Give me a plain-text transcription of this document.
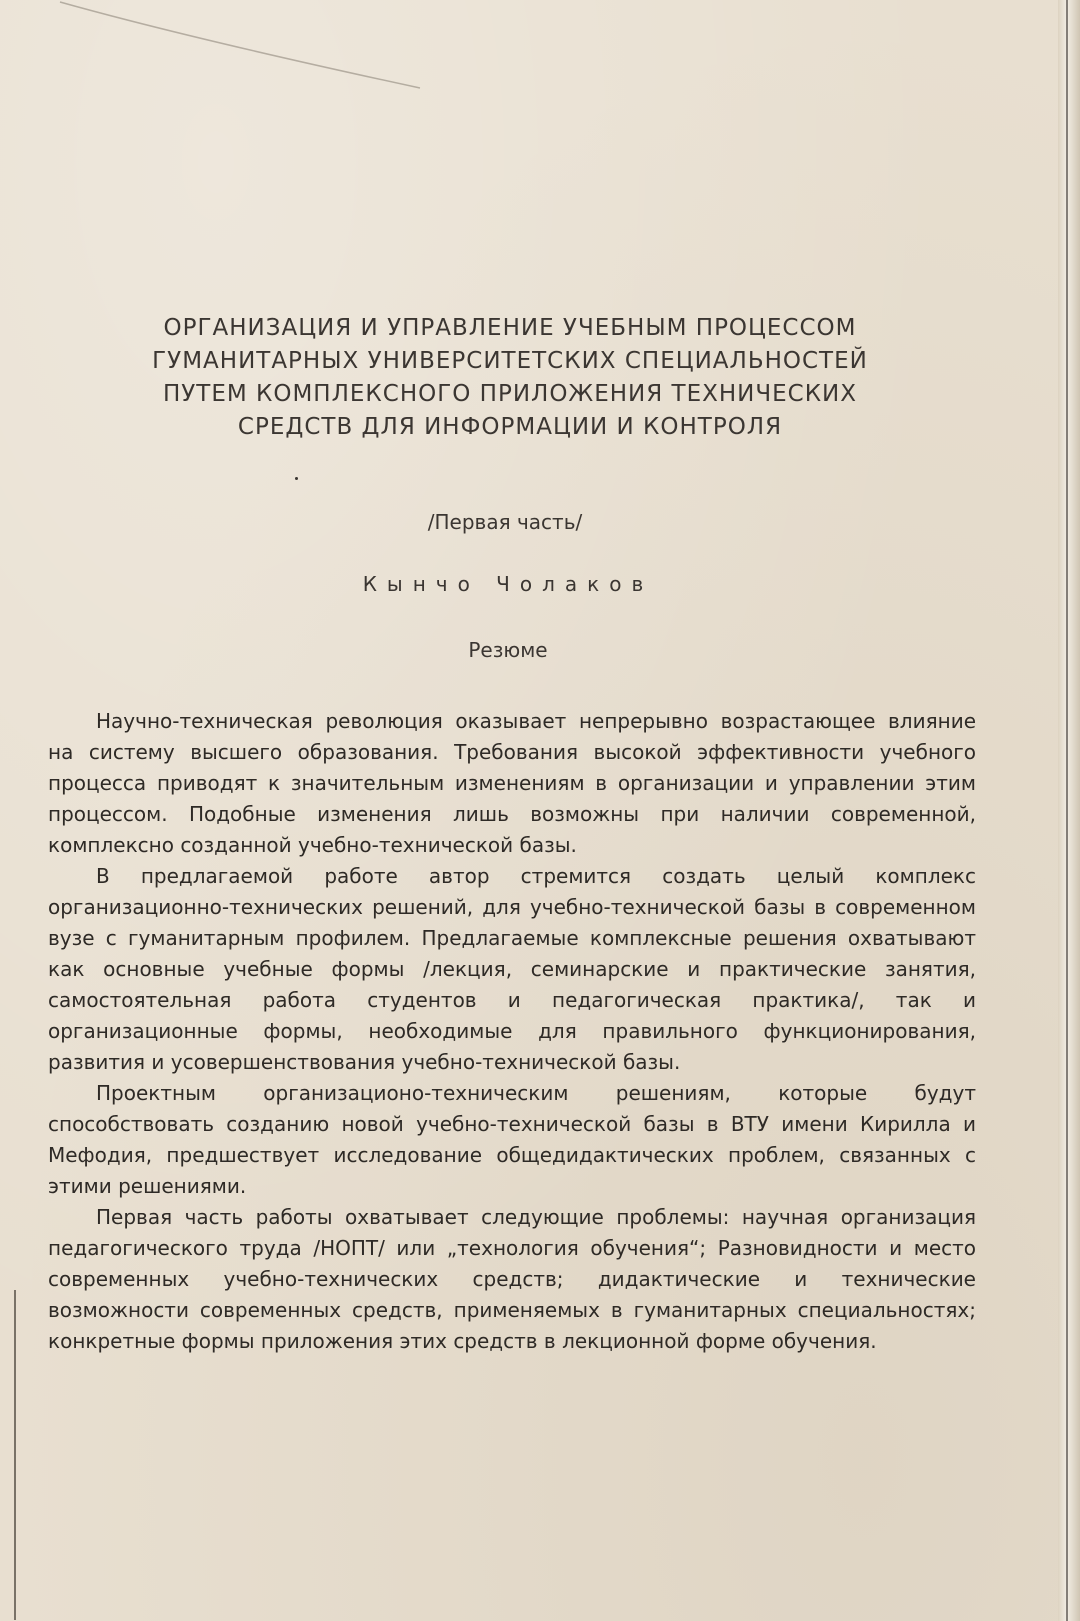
ОРГАНИЗАЦИЯ И УПРАВЛЕНИЕ УЧЕБНЫМ ПРОЦЕССОМ
ГУМАНИТАРНЫХ УНИВЕРСИТЕТСКИХ СПЕЦИАЛЬНОСТЕЙ
ПУТЕМ КОМПЛЕКСНОГО ПРИЛОЖЕНИЯ ТЕХНИЧЕСКИХ
СРЕДСТВ ДЛЯ ИНФОРМАЦИИ И КОНТРОЛЯ
/Первая часть/
Кынчо Чолаков
Резюме

Научно-техническая революция оказывает непрерывно возрастающее влияние на систему высшего образования. Требования высокой эффективности учебного процесса приводят к значительным изменениям в организации и управлении этим процессом. Подобные изменения лишь возможны при наличии современной, комплексно созданной учебно-технической базы.

В предлагаемой работе автор стремится создать целый комплекс организационно-технических решений, для учебно-технической базы в современном вузе с гуманитарным профилем. Предлагаемые комплексные решения охватывают как основные учебные формы /лекция, семинарские и практические занятия, самостоятельная работа студентов и педагогическая практика/, так и организационные формы, необходимые для правильного функционирования, развития и усовершенствования учебно-технической базы.

Проектным организационо-техническим решениям, которые будут способствовать созданию новой учебно-технической базы в ВТУ имени Кирилла и Мефодия, предшествует исследование общедидактических проблем, связанных с этими решениями.

Первая часть работы охватывает следующие проблемы: научная организация педагогического труда /НОПТ/ или „технология обучения“; Разновидности и место современных учебно-технических средств; дидактические и технические возможности современных средств, применяемых в гуманитарных специальностях; конкретные формы приложения этих средств в лекционной форме обучения.
